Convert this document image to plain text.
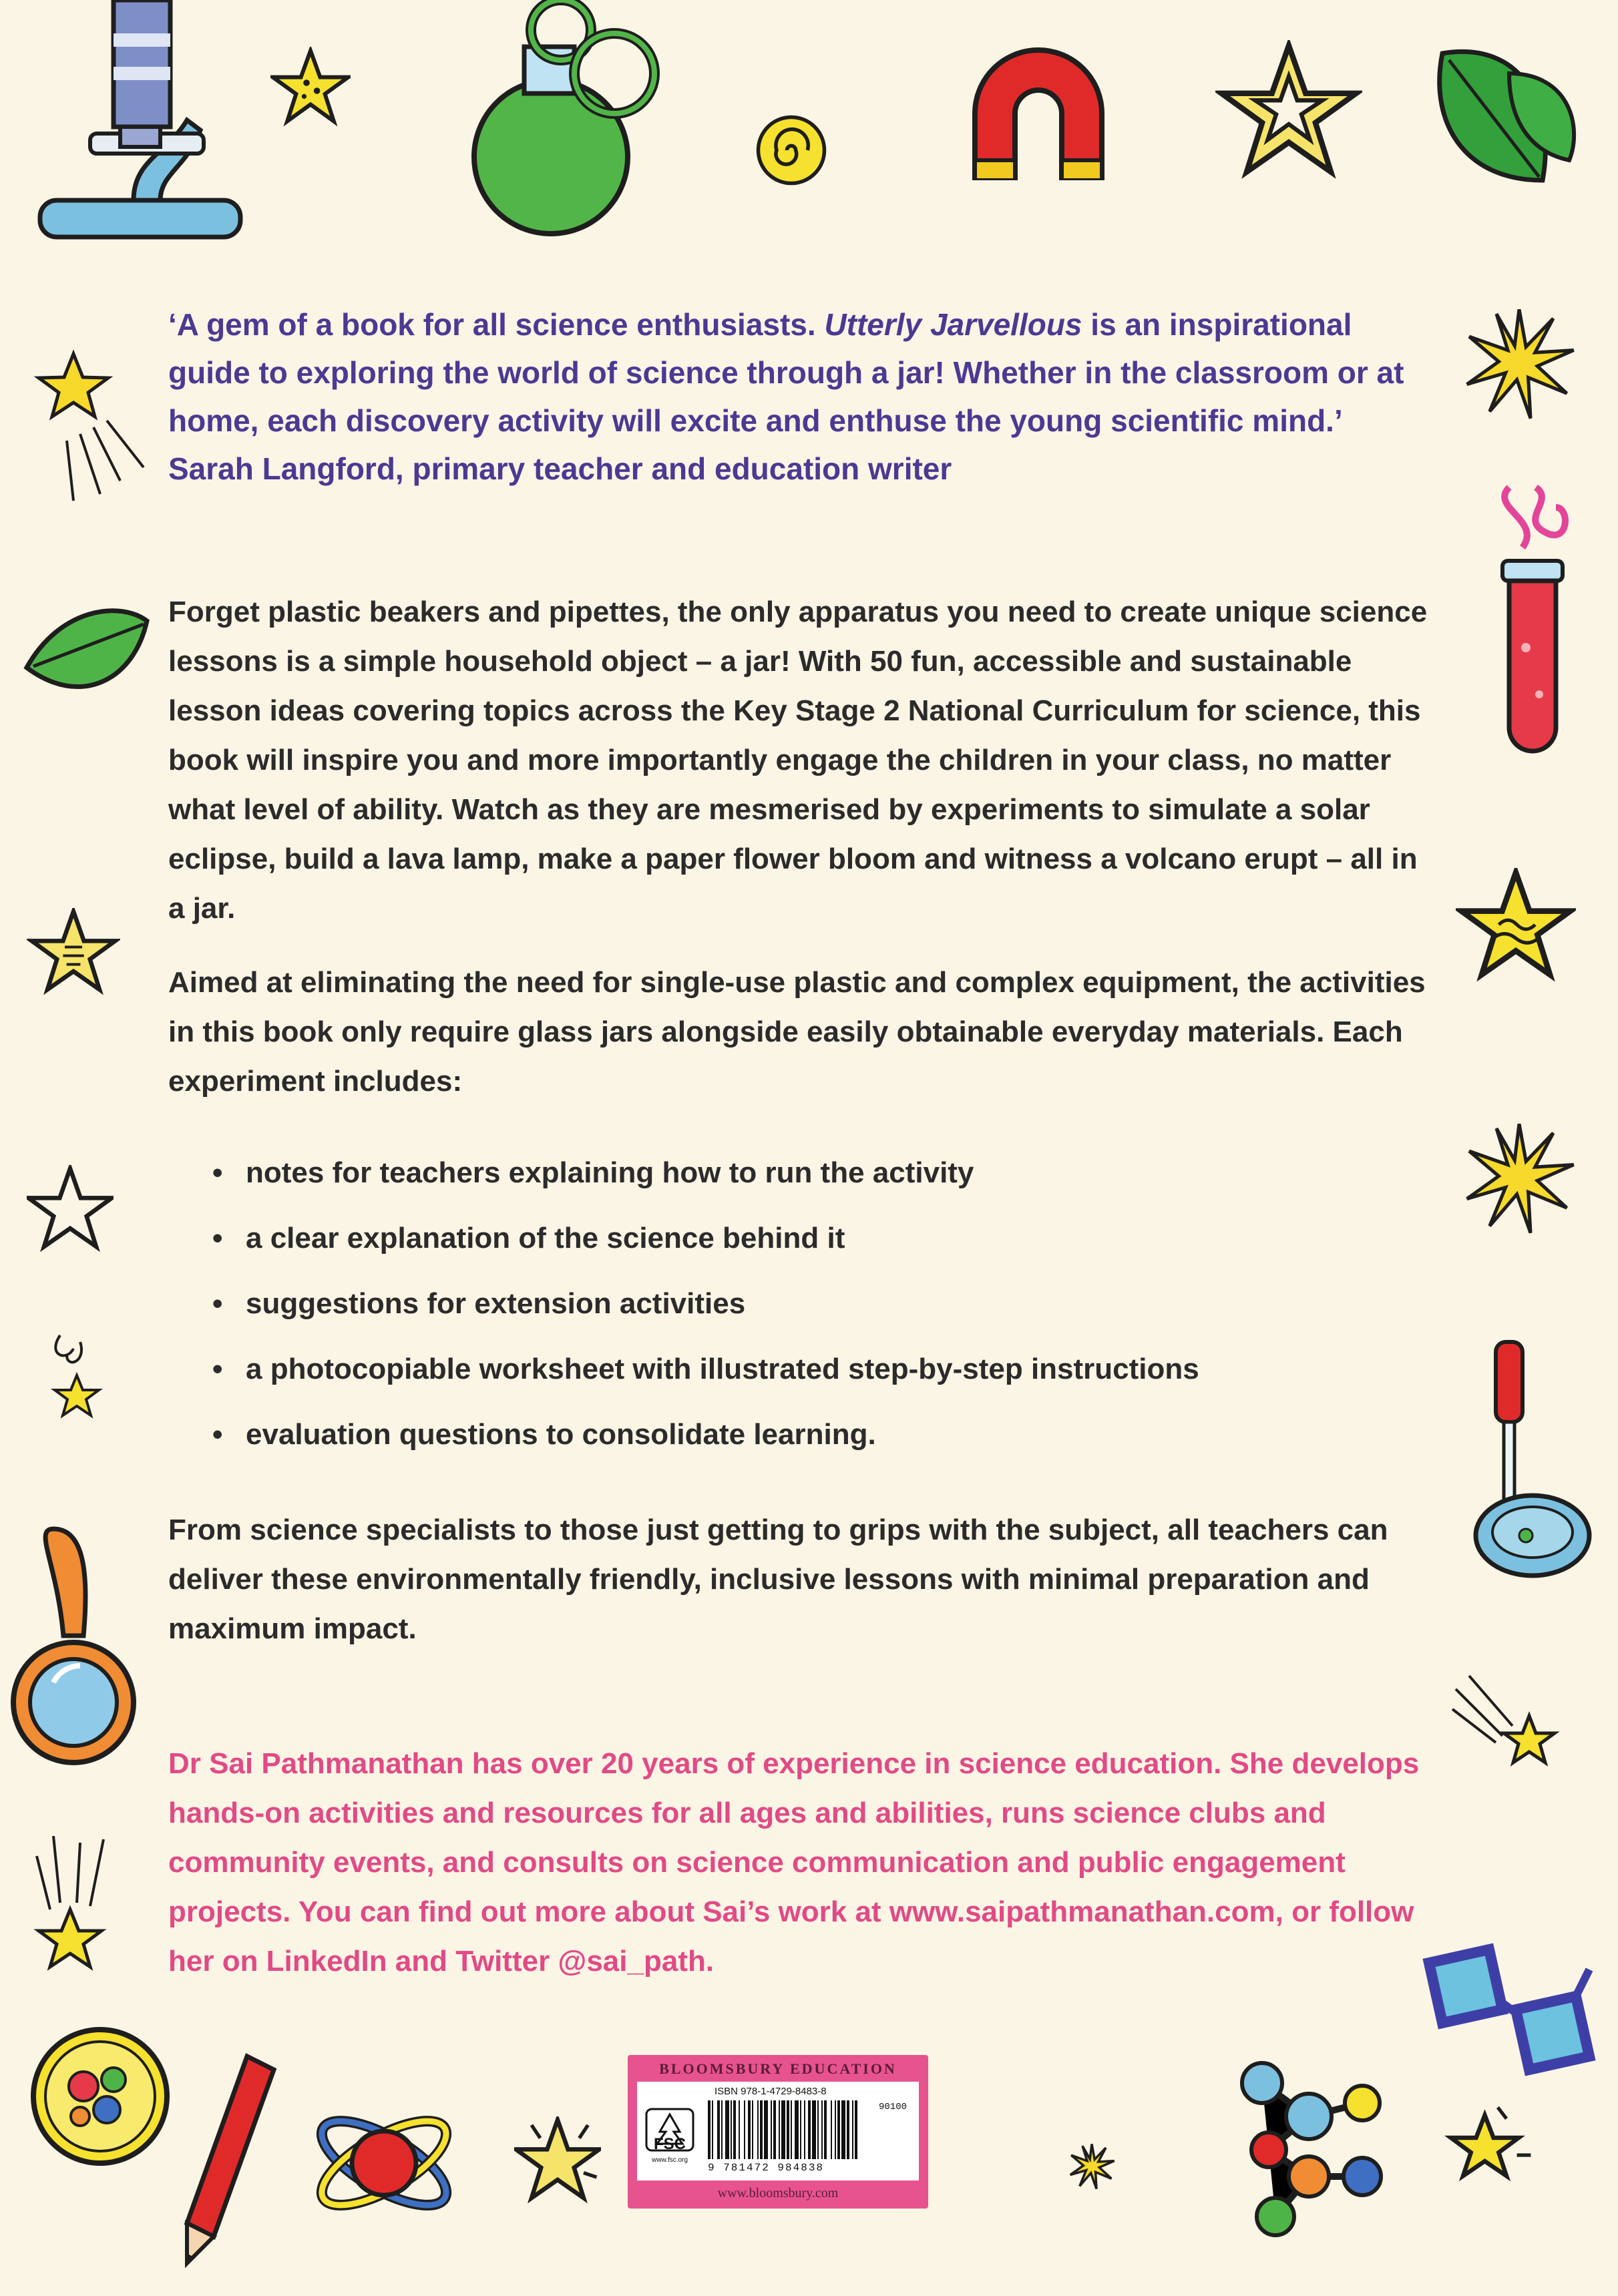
‘A gem of a book for all science enthusiasts. Utterly Jarvellous is an inspirational guide to exploring the world of science through a jar! Whether in the classroom or at home, each discovery activity will excite and enthuse the young scientific mind.’
Sarah Langford, primary teacher and education writer
Forget plastic beakers and pipettes, the only apparatus you need to create unique science lessons is a simple household object – a jar! With 50 fun, accessible and sustainable lesson ideas covering topics across the Key Stage 2 National Curriculum for science, this book will inspire you and more importantly engage the children in your class, no matter what level of ability. Watch as they are mesmerised by experiments to simulate a solar eclipse, build a lava lamp, make a paper flower bloom and witness a volcano erupt – all in a jar.
Aimed at eliminating the need for single-use plastic and complex equipment, the activities in this book only require glass jars alongside easily obtainable everyday materials. Each experiment includes:
• notes for teachers explaining how to run the activity
• a clear explanation of the science behind it
• suggestions for extension activities
• a photocopiable worksheet with illustrated step-by-step instructions
• evaluation questions to consolidate learning.
From science specialists to those just getting to grips with the subject, all teachers can deliver these environmentally friendly, inclusive lessons with minimal preparation and maximum impact.
Dr Sai Pathmanathan has over 20 years of experience in science education. She develops hands-on activities and resources for all ages and abilities, runs science clubs and community events, and consults on science communication and public engagement projects. You can find out more about Sai’s work at www.saipathmanathan.com, or follow her on LinkedIn and Twitter @sai_path.
BLOOMSBURY EDUCATION
FSC
www.fsc.org
ISBN 978-1-4729-8483-8
90100
9 781472 984838
www.bloomsbury.com
